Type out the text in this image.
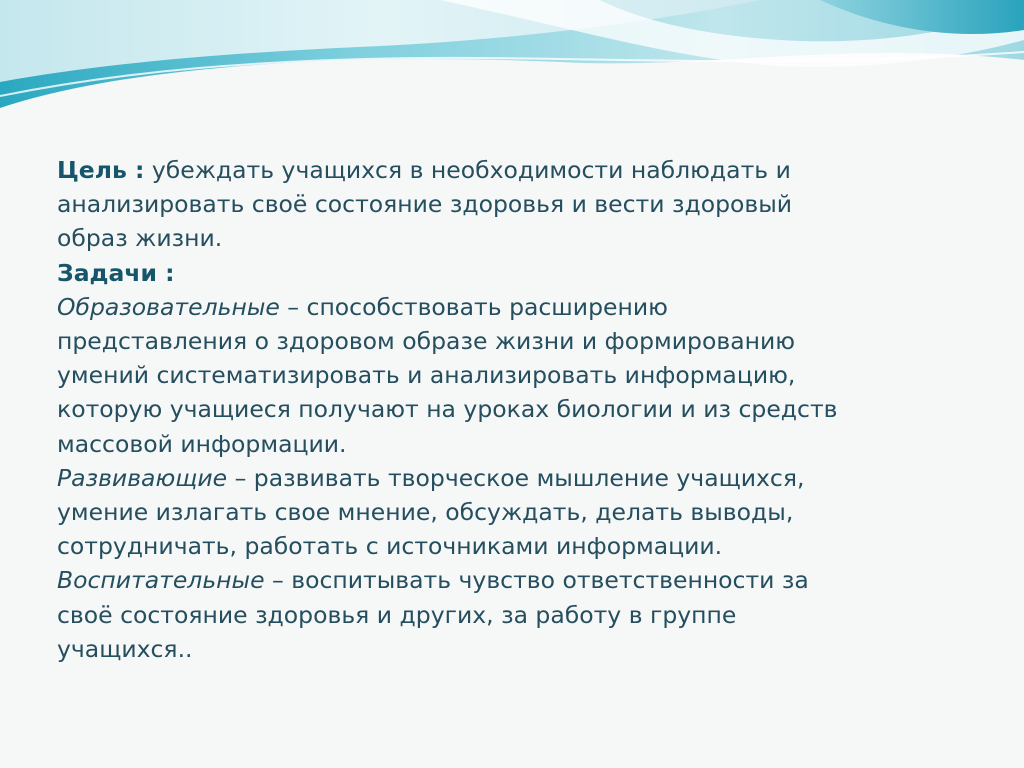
Цель : убеждать учащихся в необходимости наблюдать и анализировать своё состояние здоровья и вести здоровый образ жизни.

Задачи :

Образовательные – способствовать расширению представления о здоровом образе жизни и формированию умений систематизировать и анализировать информацию, которую учащиеся получают на уроках биологии и из средств массовой информации.

Развивающие – развивать творческое мышление учащихся, умение излагать свое мнение, обсуждать, делать выводы, сотрудничать, работать с источниками информации.

Воспитательные – воспитывать чувство ответственности за своё состояние здоровья и других, за работу в группе учащихся..
